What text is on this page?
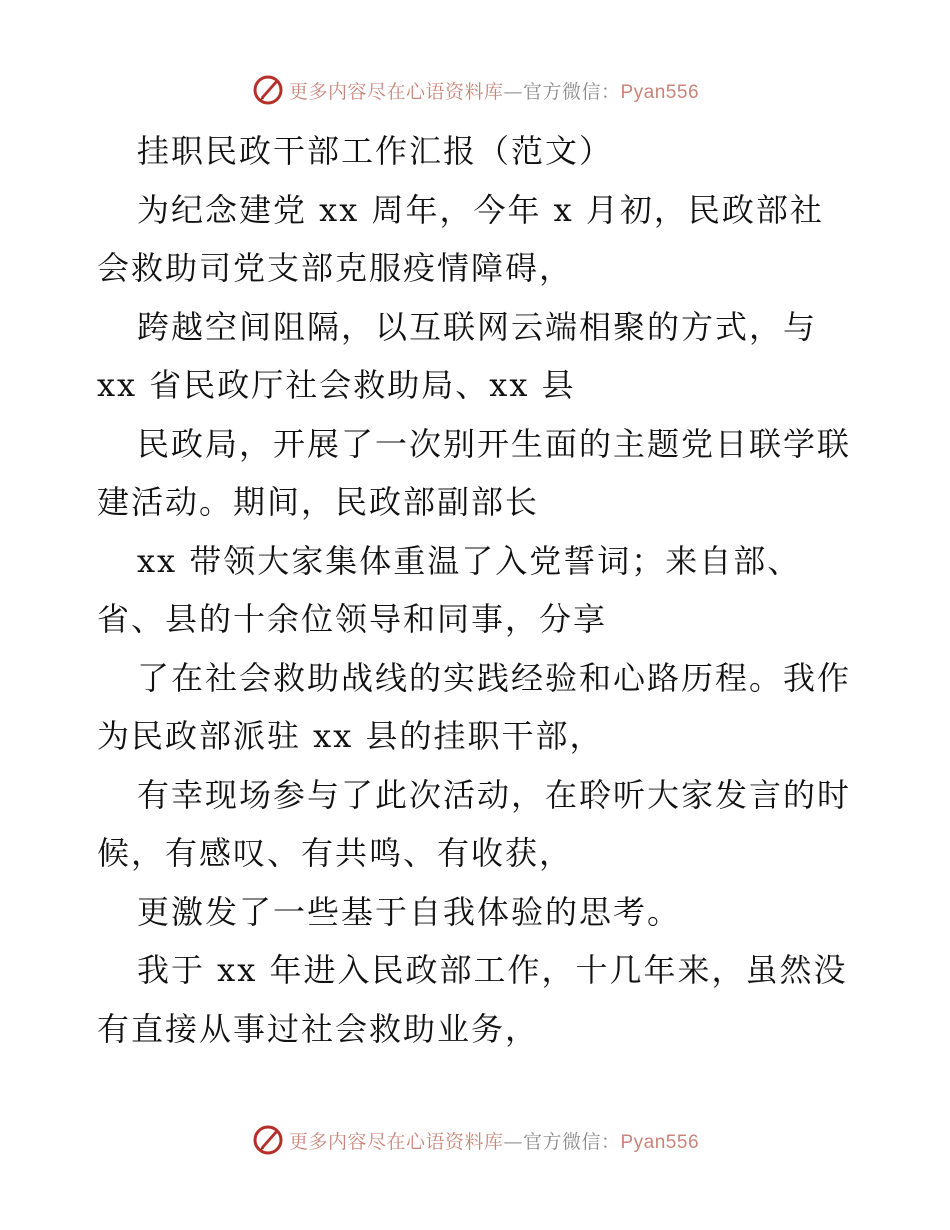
更多内容尽在心语资料库—官方微信：Pyan556
挂职民政干部工作汇报（范文）
为纪念建党 xx 周年，今年 x 月初，民政部社
会救助司党支部克服疫情障碍，
跨越空间阻隔，以互联网云端相聚的方式，与
xx 省民政厅社会救助局、xx 县
民政局，开展了一次别开生面的主题党日联学联
建活动。期间，民政部副部长
xx 带领大家集体重温了入党誓词；来自部、
省、县的十余位领导和同事，分享
了在社会救助战线的实践经验和心路历程。我作
为民政部派驻 xx 县的挂职干部，
有幸现场参与了此次活动，在聆听大家发言的时
候，有感叹、有共鸣、有收获，
更激发了一些基于自我体验的思考。
我于 xx 年进入民政部工作，十几年来，虽然没
有直接从事过社会救助业务，
更多内容尽在心语资料库—官方微信：Pyan556
